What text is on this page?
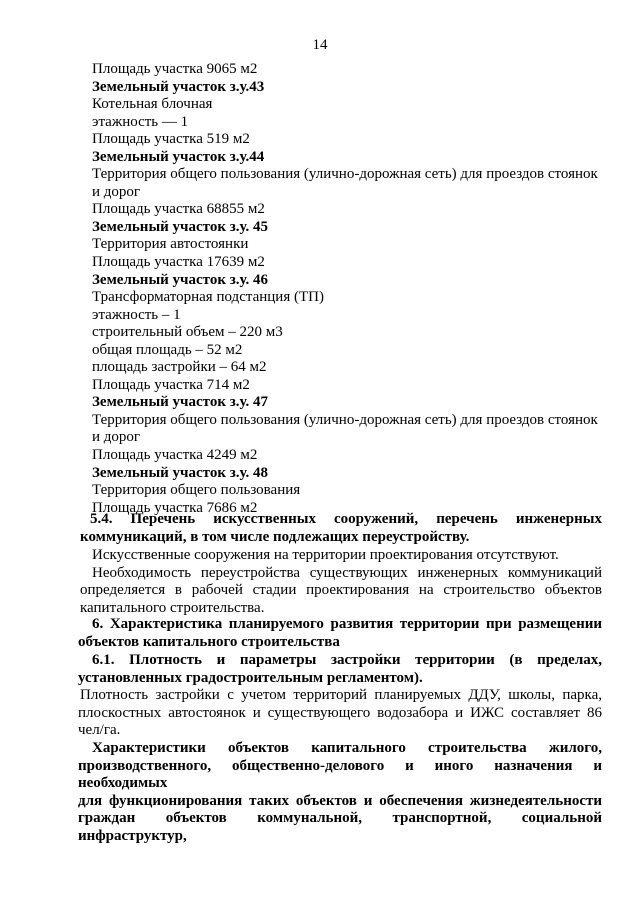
14
Площадь участка 9065 м2
Земельный участок з.у.43
Котельная блочная
этажность — 1
Площадь участка 519 м2
Земельный участок з.у.44
Территория общего пользования (улично-дорожная сеть) для проездов стоянок
и дорог
Площадь участка 68855 м2
Земельный участок з.у. 45
Территория автостоянки
Площадь участка 17639 м2
Земельный участок з.у. 46
Трансформаторная подстанция (ТП)
этажность – 1
строительный объем – 220 м3
общая площадь – 52 м2
площадь застройки – 64 м2
Площадь участка 714 м2
Земельный участок з.у. 47
Территория общего пользования (улично-дорожная сеть) для проездов стоянок
и дорог
Площадь участка 4249 м2
Земельный участок з.у. 48
Территория общего пользования
Площадь участка 7686 м2
5.4. Перечень искусственных сооружений, перечень инженерных
коммуникаций, в том числе подлежащих переустройству.
Искусственные сооружения на территории проектирования отсутствуют.
Необходимость переустройства существующих инженерных коммуникаций
определяется в рабочей стадии проектирования на строительство объектов
капитального строительства.
6. Характеристика планируемого развития территории при размещении
объектов капитального строительства
6.1. Плотность и параметры застройки территории (в пределах,
установленных градостроительным регламентом).
Плотность застройки с учетом территорий планируемых ДДУ, школы, парка,
плоскостных автостоянок и существующего водозабора и ИЖС составляет 86
чел/га.
Характеристики объектов капитального строительства жилого,
производственного, общественно-делового и иного назначения и необходимых
для функционирования таких объектов и обеспечения жизнедеятельности
граждан объектов коммунальной, транспортной, социальной инфраструктур,
